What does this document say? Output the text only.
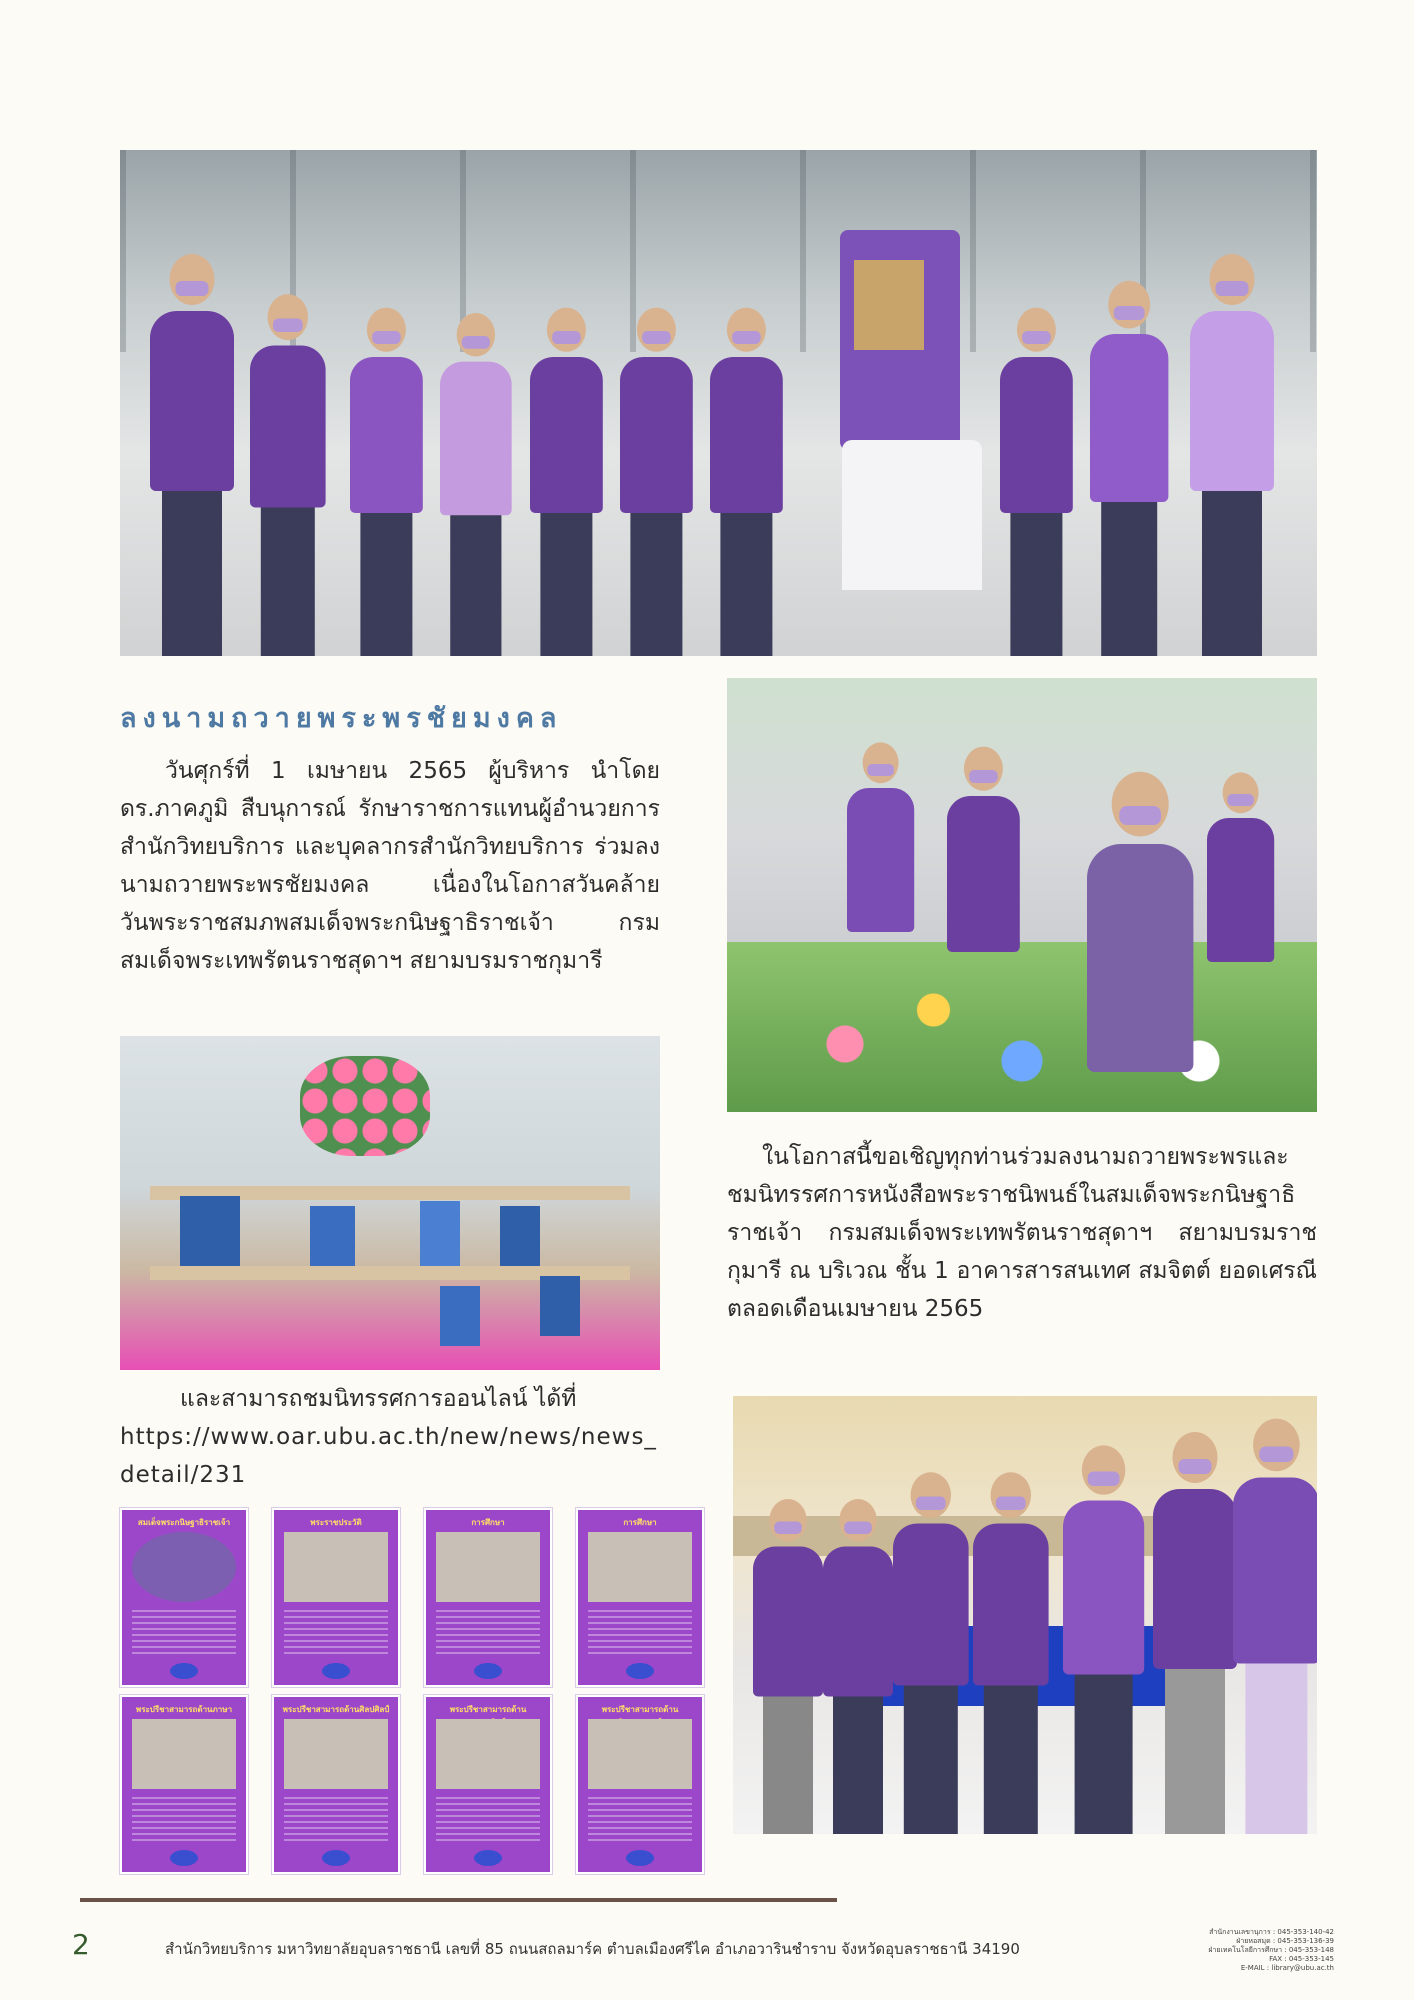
ลงนามถวายพระพรชัยมงคล
วันศุกร์ที่ 1 เมษายน 2565 ผู้บริหาร นำโดย ดร.ภาคภูมิ สืบนุการณ์ รักษาราชการแทนผู้อำนวยการสำนักวิทยบริการ และบุคลากรสำนักวิทยบริการ ร่วมลงนามถวายพระพรชัยมงคล เนื่องในโอกาสวันคล้ายวันพระราชสมภพสมเด็จพระกนิษฐาธิราชเจ้า กรมสมเด็จพระเทพรัตนราชสุดาฯ สยามบรมราชกุมารี
ในโอกาสนี้ขอเชิญทุกท่านร่วมลงนามถวายพระพรและชมนิทรรศการหนังสือพระราชนิพนธ์ในสมเด็จพระกนิษฐาธิราชเจ้า กรมสมเด็จพระเทพรัตนราชสุดาฯ สยามบรมราชกุมารี ณ บริเวณ ชั้น 1 อาคารสารสนเทศ สมจิตต์ ยอดเศรณี ตลอดเดือนเมษายน 2565
และสามารถชมนิทรรศการออนไลน์ ได้ที่
https://www.oar.ubu.ac.th/new/news/news_detail/231
สมเด็จพระกนิษฐาธิราชเจ้า	พระราชประวัติ	การศึกษา	การศึกษา
พระปรีชาสามารถด้านภาษา	พระปรีชาสามารถด้านศิลปศิลป์	พระปรีชาสามารถด้าน	พระปรีชาสามารถด้าน
2	สำนักวิทยบริการ มหาวิทยาลัยอุบลราชธานี เลขที่ 85 ถนนสถลมาร์ค ตำบลเมืองศรีไค อำเภอวารินชำราบ จังหวัดอุบลราชธานี 34190
สำนักงานเลขานุการ : 045-353-140-42
ฝ่ายหอสมุด : 045-353-136-39
ฝ่ายเทคโนโลยีการศึกษา : 045-353-148
FAX : 045-353-145
E-MAIL : library@ubu.ac.th
